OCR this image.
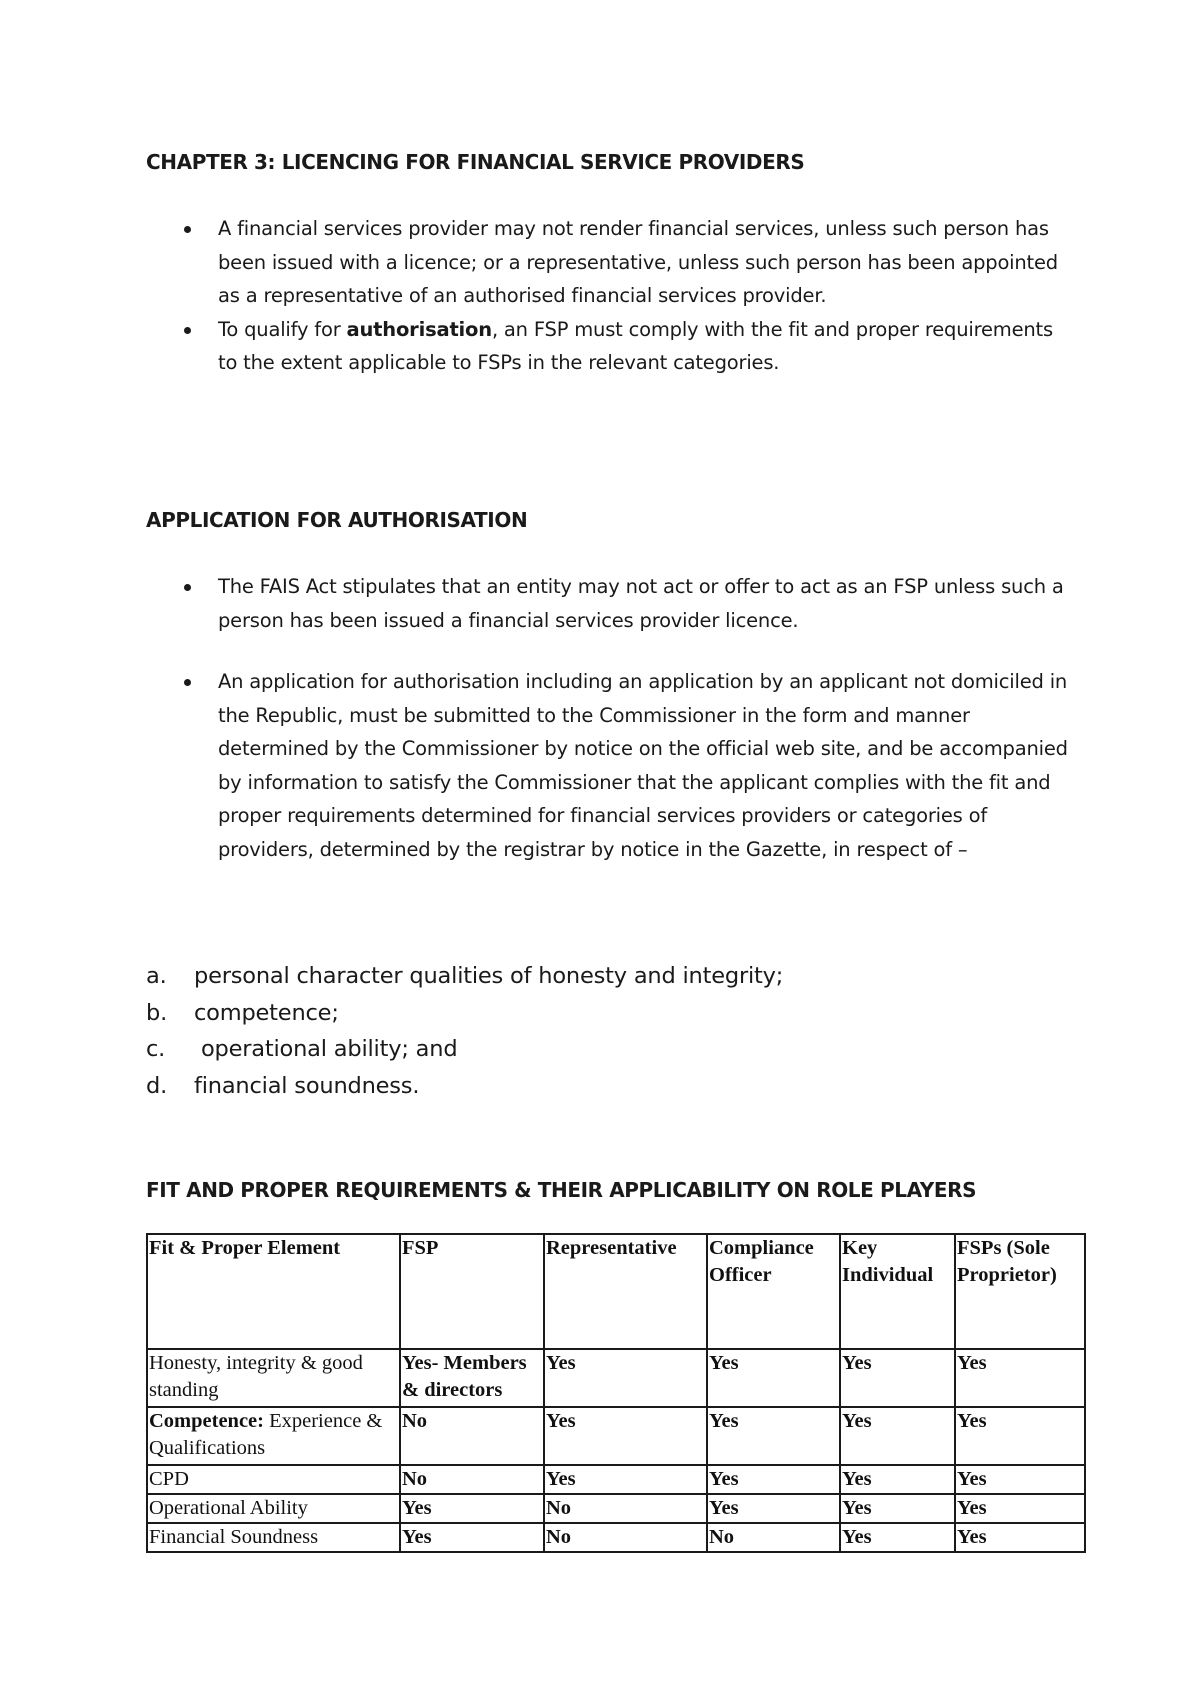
CHAPTER 3: LICENCING FOR FINANCIAL SERVICE PROVIDERS
A financial services provider may not render financial services, unless such person has been issued with a licence; or a representative, unless such person has been appointed as a representative of an authorised financial services provider.
To qualify for authorisation, an FSP must comply with the fit and proper requirements to the extent applicable to FSPs in the relevant categories.
APPLICATION FOR AUTHORISATION
The FAIS Act stipulates that an entity may not act or offer to act as an FSP unless such a person has been issued a financial services provider licence.
An application for authorisation including an application by an applicant not domiciled in the Republic, must be submitted to the Commissioner in the form and manner determined by the Commissioner by notice on the official web site, and be accompanied by information to satisfy the Commissioner that the applicant complies with the fit and proper requirements determined for financial services providers or categories of providers, determined by the registrar by notice in the Gazette, in respect of –
a. personal character qualities of honesty and integrity;
b. competence;
c. operational ability; and
d. financial soundness.
FIT AND PROPER REQUIREMENTS & THEIR APPLICABILITY ON ROLE PLAYERS
Fit & Proper Element	FSP	Representative	Compliance Officer	Key Individual	FSPs (Sole Proprietor)
Honesty, integrity & good standing	Yes- Members & directors	Yes	Yes	Yes	Yes
Competence: Experience & Qualifications	No	Yes	Yes	Yes	Yes
CPD	No	Yes	Yes	Yes	Yes
Operational Ability	Yes	No	Yes	Yes	Yes
Financial Soundness	Yes	No	No	Yes	Yes
